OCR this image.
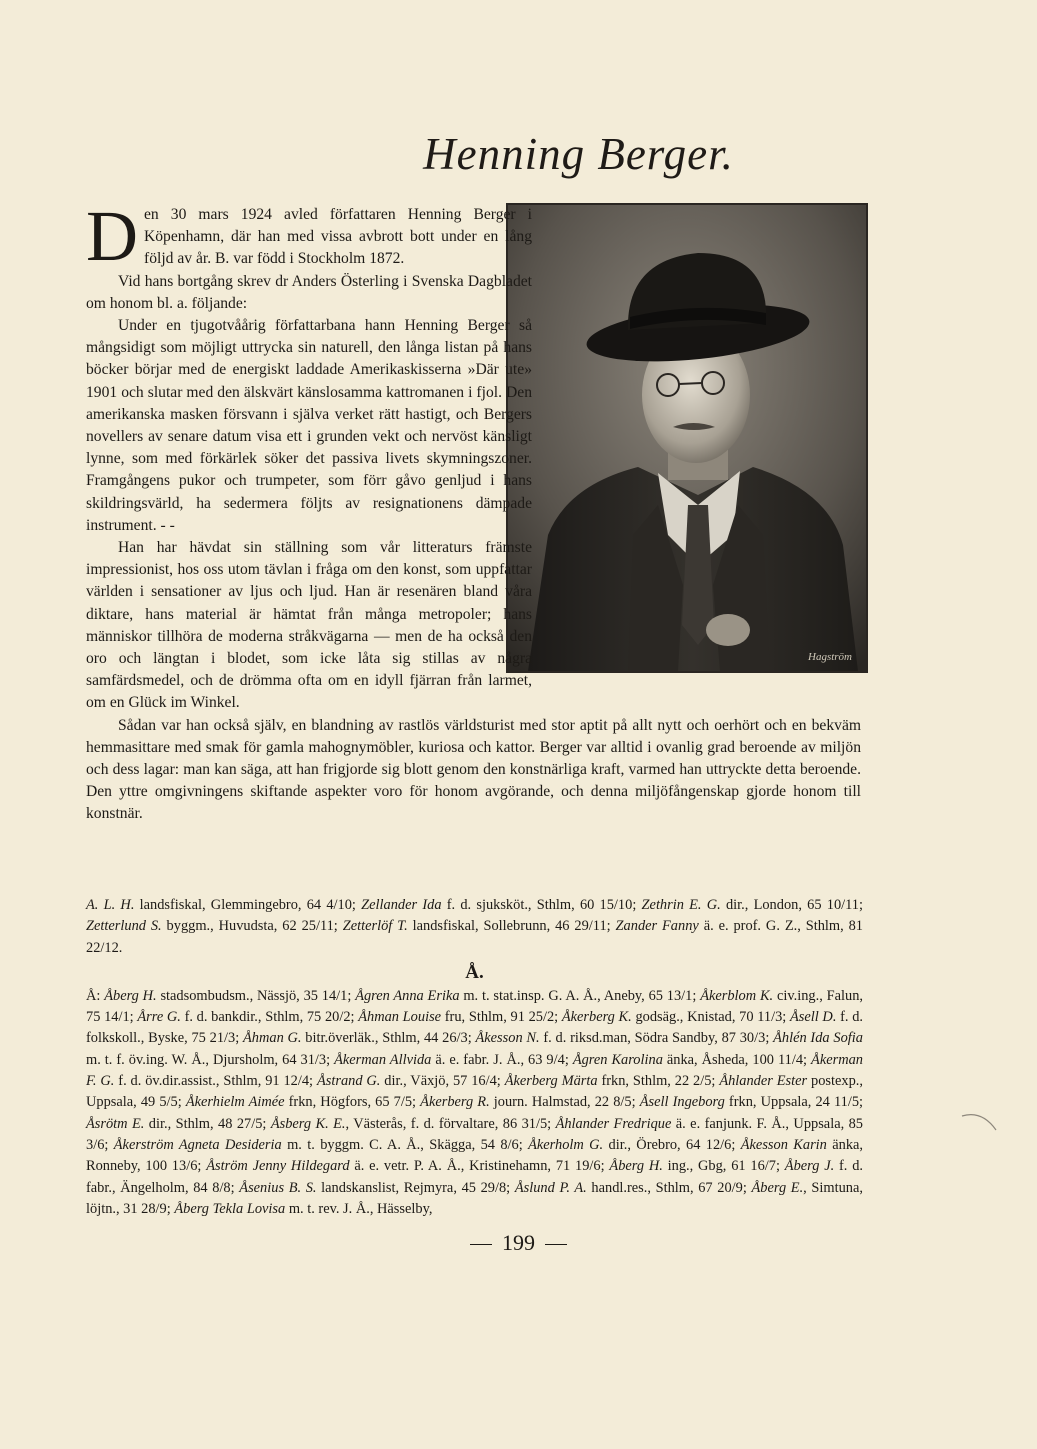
Henning Berger.
Hagström

Den 30 mars 1924 avled författaren Henning Berger i Köpenhamn, där han med vissa avbrott bott under en lång följd av år. B. var född i Stockholm 1872.

Vid hans bortgång skrev dr Anders Österling i Svenska Dagbladet om honom bl. a. följande:

Under en tjugotvåårig författarbana hann Henning Berger så mångsidigt som möjligt uttrycka sin naturell, den långa listan på hans böcker börjar med de energiskt laddade Amerikaskisserna »Där ute» 1901 och slutar med den älskvärt känslosamma kattromanen i fjol. Den amerikanska masken försvann i själva verket rätt hastigt, och Bergers novellers av senare datum visa ett i grunden vekt och nervöst känsligt lynne, som med förkärlek söker det passiva livets skymningszoner. Framgångens pukor och trumpeter, som förr gåvo genljud i hans skildringsvärld, ha sedermera följts av resignationens dämpade instrument. - -

Han har hävdat sin ställning som vår litteraturs främste impressionist, hos oss utom tävlan i fråga om den konst, som uppfattar världen i sensationer av ljus och ljud. Han är resenären bland våra diktare, hans material är hämtat från många metropoler; hans människor tillhöra de moderna stråkvägarna — men de ha också den oro och längtan i blodet, som icke låta sig stillas av några samfärdsmedel, och de drömma ofta om en idyll fjärran från larmet, om en Glück im Winkel.

Sådan var han också själv, en blandning av rastlös världsturist med stor aptit på allt nytt och oerhört och en bekväm hemmasittare med smak för gamla mahognymöbler, kuriosa och kattor. Berger var alltid i ovanlig grad beroende av miljön och dess lagar: man kan säga, att han frigjorde sig blott genom den konstnärliga kraft, varmed han uttryckte detta beroende. Den yttre omgivningens skiftande aspekter voro för honom avgörande, och denna miljöfångenskap gjorde honom till konstnär.

A. L. H. landsfiskal, Glemmingebro, 64 4/10; Zellander Ida f. d. sjuksköt., Sthlm, 60 15/10; Zethrin E. G. dir., London, 65 10/11; Zetterlund S. byggm., Huvudsta, 62 25/11; Zetterlöf T. landsfiskal, Sollebrunn, 46 29/11; Zander Fanny ä. e. prof. G. Z., Sthlm, 81 22/12.

Å.

Å: Åberg H. stadsombudsm., Nässjö, 35 14/1; Ågren Anna Erika m. t. stat.insp. G. A. Å., Aneby, 65 13/1; Åkerblom K. civ.ing., Falun, 75 14/1; Årre G. f. d. bankdir., Sthlm, 75 20/2; Åhman Louise fru, Sthlm, 91 25/2; Åkerberg K. godsäg., Knistad, 70 11/3; Åsell D. f. d. folkskoll., Byske, 75 21/3; Åhman G. bitr.överläk., Sthlm, 44 26/3; Åkesson N. f. d. riksd.man, Södra Sandby, 87 30/3; Åhlén Ida Sofia m. t. f. öv.ing. W. Å., Djursholm, 64 31/3; Åkerman Allvida ä. e. fabr. J. Å., 63 9/4; Ågren Karolina änka, Åsheda, 100 11/4; Åkerman F. G. f. d. öv.dir.assist., Sthlm, 91 12/4; Åstrand G. dir., Växjö, 57 16/4; Åkerberg Märta frkn, Sthlm, 22 2/5; Åhlander Ester postexp., Uppsala, 49 5/5; Åkerhielm Aimée frkn, Högfors, 65 7/5; Åkerberg R. journ. Halmstad, 22 8/5; Åsell Ingeborg frkn, Uppsala, 24 11/5; Åsrötm E. dir., Sthlm, 48 27/5; Åsberg K. E., Västerås, f. d. förvaltare, 86 31/5; Åhlander Fredrique ä. e. fanjunk. F. Å., Uppsala, 85 3/6; Åkerström Agneta Desideria m. t. byggm. C. A. Å., Skägga, 54 8/6; Åkerholm G. dir., Örebro, 64 12/6; Åkesson Karin änka, Ronneby, 100 13/6; Åström Jenny Hildegard ä. e. vetr. P. A. Å., Kristinehamn, 71 19/6; Åberg H. ing., Gbg, 61 16/7; Åberg J. f. d. fabr., Ängelholm, 84 8/8; Åsenius B. S. landskanslist, Rejmyra, 45 29/8; Åslund P. A. handl.res., Sthlm, 67 20/9; Åberg E., Simtuna, löjtn., 31 28/9; Åberg Tekla Lovisa m. t. rev. J. Å., Hässelby,

199
